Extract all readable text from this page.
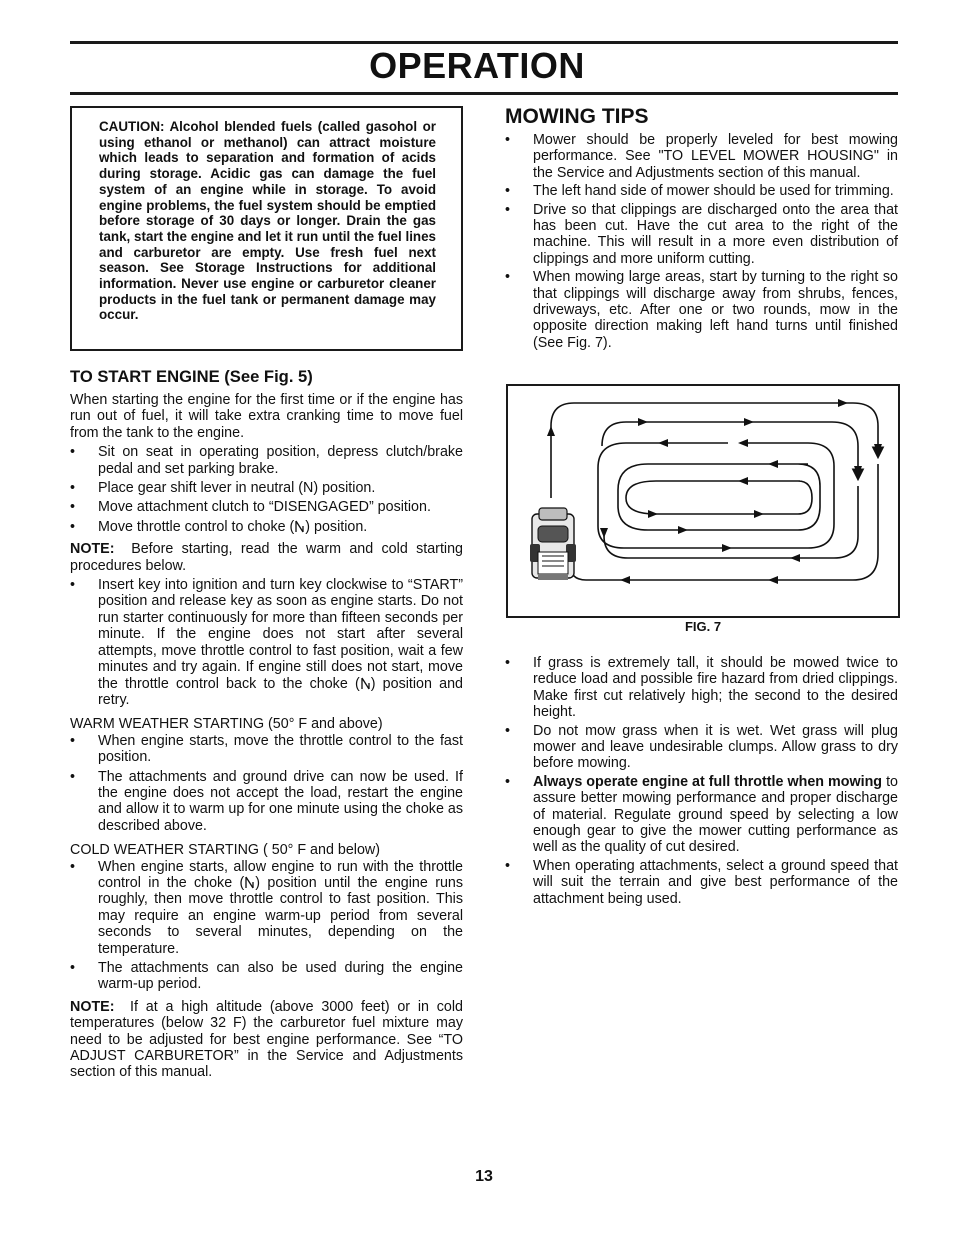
OPERATION

CAUTION: Alcohol blended fuels (called gasohol or using ethanol or methanol) can attract moisture which leads to separation and formation of acids during storage. Acidic gas can damage the fuel system of an engine while in storage. To avoid engine problems, the fuel system should be emptied before storage of 30 days or longer. Drain the gas tank, start the engine and let it run until the fuel lines and carburetor are empty. Use fresh fuel next season. See Storage Instructions for additional information. Never use engine or carburetor cleaner products in the fuel tank or permanent damage may occur.

TO START ENGINE (See Fig. 5)

When starting the engine for the first time or if the engine has run out of fuel, it will take extra cranking time to move fuel from the tank to the engine.

• Sit on seat in operating position, depress clutch/brake pedal and set parking brake.

• Place gear shift lever in neutral (N) position.

• Move attachment clutch to “DISENGAGED” position.

• Move throttle control to choke ( ) position.

NOTE: Before starting, read the warm and cold starting procedures below.

• Insert key into ignition and turn key clockwise to “START” position and release key as soon as engine starts. Do not run starter continuously for more than fifteen seconds per minute. If the engine does not start after several attempts, move throttle control to fast position, wait a few minutes and try again. If engine still does not start, move the throttle control back to the choke ( ) position and retry.

WARM WEATHER STARTING (50° F and above)

• When engine starts, move the throttle control to the fast position.

• The attachments and ground drive can now be used. If the engine does not accept the load, restart the engine and allow it to warm up for one minute using the choke as described above.

COLD WEATHER STARTING ( 50° F and below)

• When engine starts, allow engine to run with the throttle control in the choke ( ) position until the engine runs roughly, then move throttle control to fast position. This may require an engine warm-up period from several seconds to several minutes, depending on the temperature.

• The attachments can also be used during the engine warm-up period.

NOTE: If at a high altitude (above 3000 feet) or in cold temperatures (below 32 F) the carburetor fuel mixture may need to be adjusted for best engine performance. See “TO ADJUST CARBURETOR” in the Service and Adjustments section of this manual.

MOWING TIPS

• Mower should be properly leveled for best mowing performance. See "TO LEVEL MOWER HOUSING" in the Service and Adjustments section of this manual.

• The left hand side of mower should be used for trimming.

• Drive so that clippings are discharged onto the area that has been cut. Have the cut area to the right of the machine. This will result in a more even distribution of clippings and more uniform cutting.

• When mowing large areas, start by turning to the right so that clippings will discharge away from shrubs, fences, driveways, etc. After one or two rounds, mow in the opposite direction making left hand turns until finished (See Fig. 7).

FIG. 7

• If grass is extremely tall, it should be mowed twice to reduce load and possible fire hazard from dried clippings. Make first cut relatively high; the second to the desired height.

• Do not mow grass when it is wet. Wet grass will plug mower and leave undesirable clumps. Allow grass to dry before mowing.

• Always operate engine at full throttle when mowing to assure better mowing performance and proper discharge of material. Regulate ground speed by selecting a low enough gear to give the mower cutting performance as well as the quality of cut desired.

• When operating attachments, select a ground speed that will suit the terrain and give best performance of the attachment being used.

13
